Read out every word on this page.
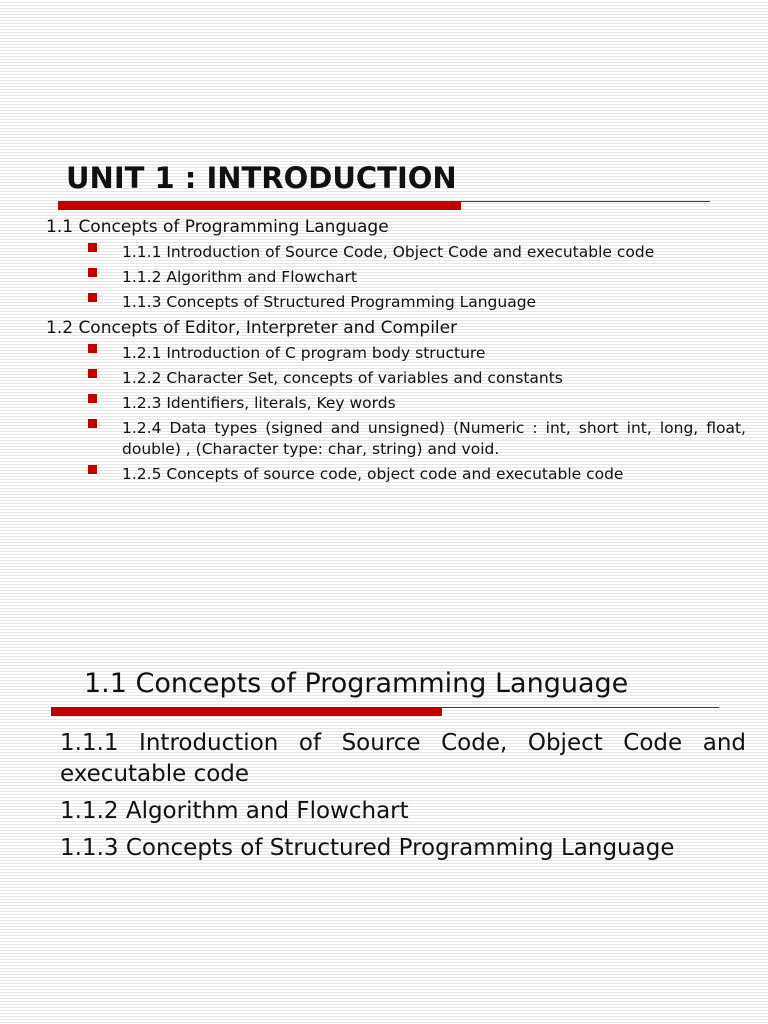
UNIT 1 : INTRODUCTION

1.1 Concepts of Programming Language

1.1.1 Introduction of Source Code, Object Code and executable code
1.1.2 Algorithm and Flowchart
1.1.3 Concepts of Structured Programming Language

1.2 Concepts of Editor, Interpreter and Compiler

1.2.1 Introduction of C program body structure
1.2.2 Character Set, concepts of variables and constants
1.2.3 Identifiers, literals, Key words
1.2.4 Data types (signed and unsigned) (Numeric : int, short int, long, float, double) , (Character type: char, string) and void.
1.2.5 Concepts of source code, object code and executable code
1.1 Concepts of Programming Language

1.1.1 Introduction of Source Code, Object Code and executable code

1.1.2 Algorithm and Flowchart

1.1.3 Concepts of Structured Programming Language
